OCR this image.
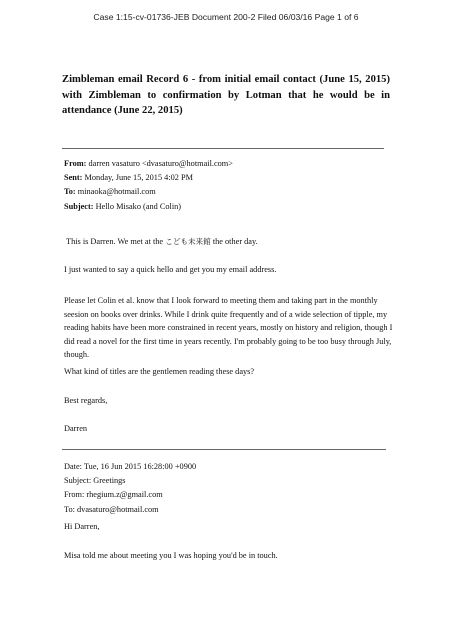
Case 1:15-cv-01736-JEB Document 200-2 Filed 06/03/16 Page 1 of 6
Zimbleman email Record 6 - from initial email contact (June 15, 2015) with Zimbleman to confirmation by Lotman that he would be in attendance (June 22, 2015)
From: darren vasaturo <dvasaturo@hotmail.com>
Sent: Monday, June 15, 2015 4:02 PM
To: minaoka@hotmail.com
Subject: Hello Misako (and Colin)
This is Darren. We met at the こども未来館 the other day.
I just wanted to say a quick hello and get you my email address.
Please let Colin et al. know that I look forward to meeting them and taking part in the monthly seesion on books over drinks. While I drink quite frequently and of a wide selection of tipple, my reading habits have been more constrained in recent years, mostly on history and religion, though I did read a novel for the first time in years recently. I'm probably going to be too busy through July, though.
What kind of titles are the gentlemen reading these days?
Best regards,
Darren
Date: Tue, 16 Jun 2015 16:28:00 +0900
Subject: Greetings
From: rhegium.z@gmail.com
To: dvasaturo@hotmail.com
Hi Darren,
Misa told me about meeting you I was hoping you'd be in touch.
